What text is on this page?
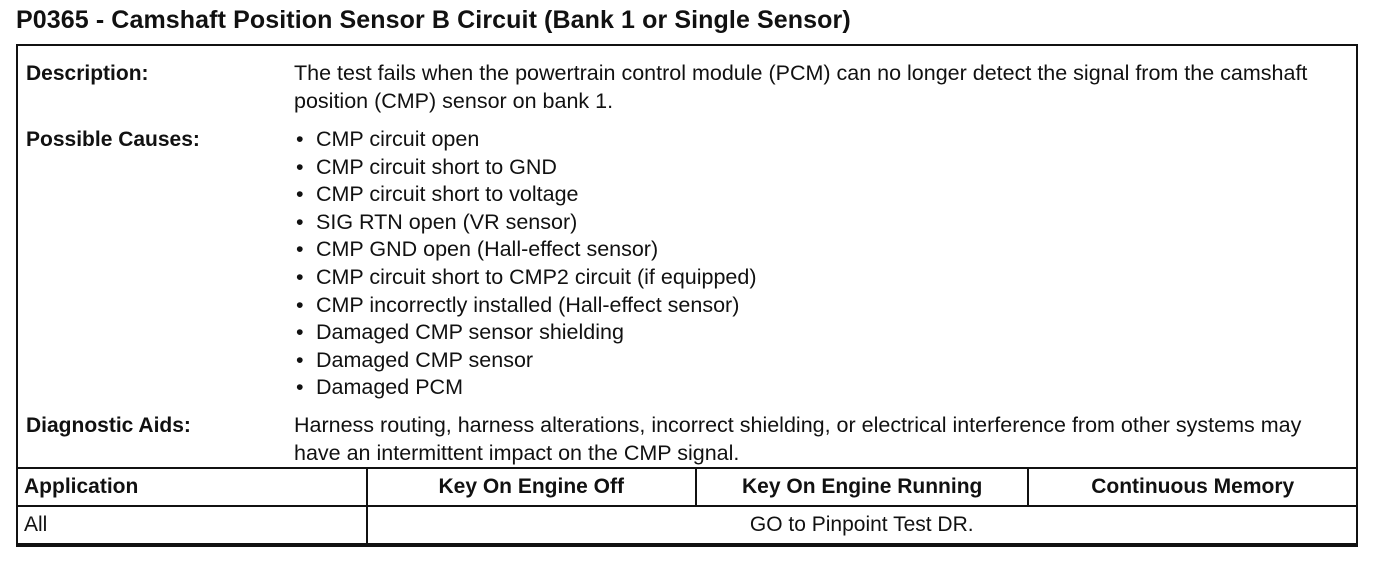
P0365 - Camshaft Position Sensor B Circuit (Bank 1 or Single Sensor)
Description:	The test fails when the powertrain control module (PCM) can no longer detect the signal from the camshaft position (CMP) sensor on bank 1.
Possible Causes:	• CMP circuit open
• CMP circuit short to GND
• CMP circuit short to voltage
• SIG RTN open (VR sensor)
• CMP GND open (Hall-effect sensor)
• CMP circuit short to CMP2 circuit (if equipped)
• CMP incorrectly installed (Hall-effect sensor)
• Damaged CMP sensor shielding
• Damaged CMP sensor
• Damaged PCM
Diagnostic Aids:	Harness routing, harness alterations, incorrect shielding, or electrical interference from other systems may have an intermittent impact on the CMP signal.
Application	Key On Engine Off	Key On Engine Running	Continuous Memory
All	GO to Pinpoint Test DR.		
